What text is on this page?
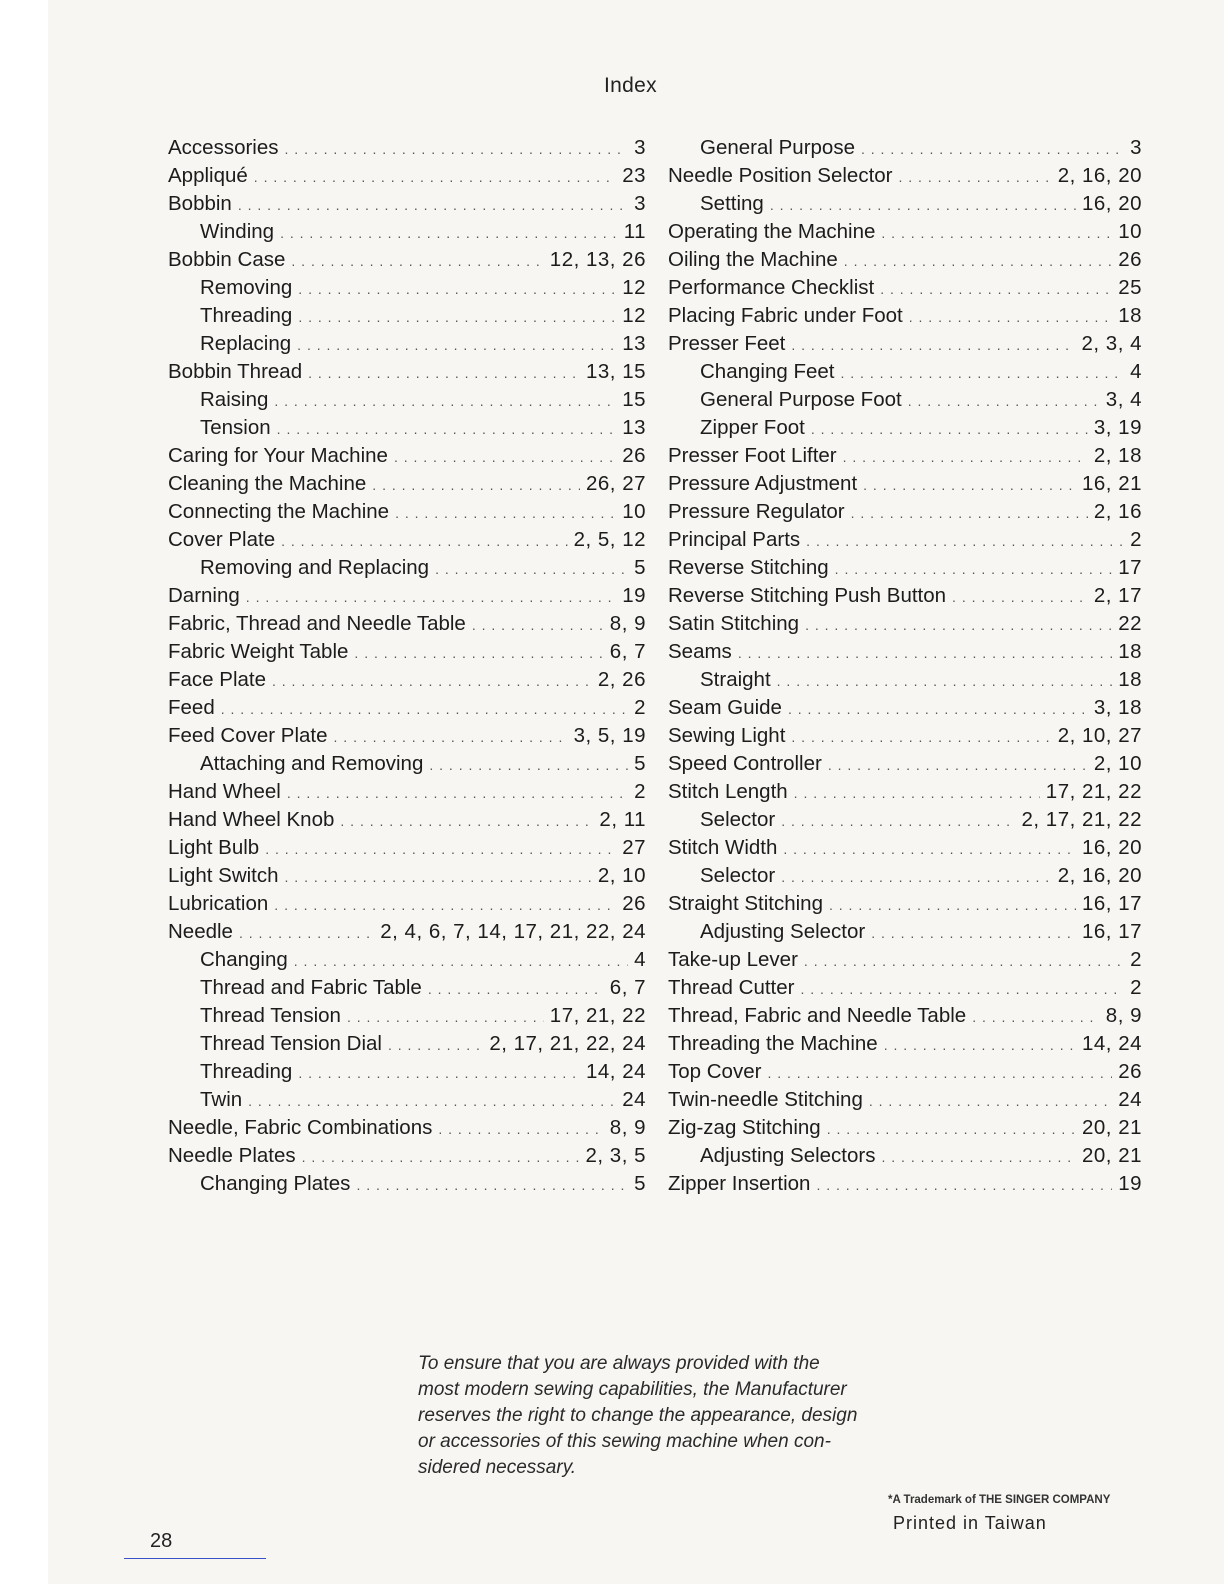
Index
Accessories . . .	3
Appliqué . . .	23
Bobbin . . .	3
Winding . . .	11
Bobbin Case . . .	12, 13, 26
Removing . . .	12
Threading . . .	12
Replacing . . .	13
Bobbin Thread . . .	13, 15
Raising . . .	15
Tension . . .	13
Caring for Your Machine . . .	26
Cleaning the Machine . . .	26, 27
Connecting the Machine . . .	10
Cover Plate . . .	2, 5, 12
Removing and Replacing . . .	5
Darning . . .	19
Fabric, Thread and Needle Table . . .	8, 9
Fabric Weight Table . . .	6, 7
Face Plate . . .	2, 26
Feed . . .	2
Feed Cover Plate . . .	3, 5, 19
Attaching and Removing . . .	5
Hand Wheel . . .	2
Hand Wheel Knob . . .	2, 11
Light Bulb . . .	27
Light Switch . . .	2, 10
Lubrication . . .	26
Needle . . .	2, 4, 6, 7, 14, 17, 21, 22, 24
Changing . . .	4
Thread and Fabric Table . . .	6, 7
Thread Tension . . .	17, 21, 22
Thread Tension Dial . . .	2, 17, 21, 22, 24
Threading . . .	14, 24
Twin . . .	24
Needle, Fabric Combinations . . .	8, 9
Needle Plates . . .	2, 3, 5
Changing Plates . . .	5
General Purpose . . .	3
Needle Position Selector . . .	2, 16, 20
Setting . . .	16, 20
Operating the Machine . . .	10
Oiling the Machine . . .	26
Performance Checklist . . .	25
Placing Fabric under Foot . . .	18
Presser Feet . . .	2, 3, 4
Changing Feet . . .	4
General Purpose Foot . . .	3, 4
Zipper Foot . . .	3, 19
Presser Foot Lifter . . .	2, 18
Pressure Adjustment . . .	16, 21
Pressure Regulator . . .	2, 16
Principal Parts . . .	2
Reverse Stitching . . .	17
Reverse Stitching Push Button . . .	2, 17
Satin Stitching . . .	22
Seams . . .	18
Straight . . .	18
Seam Guide . . .	3, 18
Sewing Light . . .	2, 10, 27
Speed Controller . . .	2, 10
Stitch Length . . .	17, 21, 22
Selector . . .	2, 17, 21, 22
Stitch Width . . .	16, 20
Selector . . .	2, 16, 20
Straight Stitching . . .	16, 17
Adjusting Selector . . .	16, 17
Take-up Lever . . .	2
Thread Cutter . . .	2
Thread, Fabric and Needle Table . . .	8, 9
Threading the Machine . . .	14, 24
Top Cover . . .	26
Twin-needle Stitching . . .	24
Zig-zag Stitching . . .	20, 21
Adjusting Selectors . . .	20, 21
Zipper Insertion . . .	19

To ensure that you are always provided with the

most modern sewing capabilities, the Manufacturer

reserves the right to change the appearance, design

or accessories of this sewing machine when con-

sidered necessary.

*A Trademark of THE SINGER COMPANY
Printed in Taiwan
28
